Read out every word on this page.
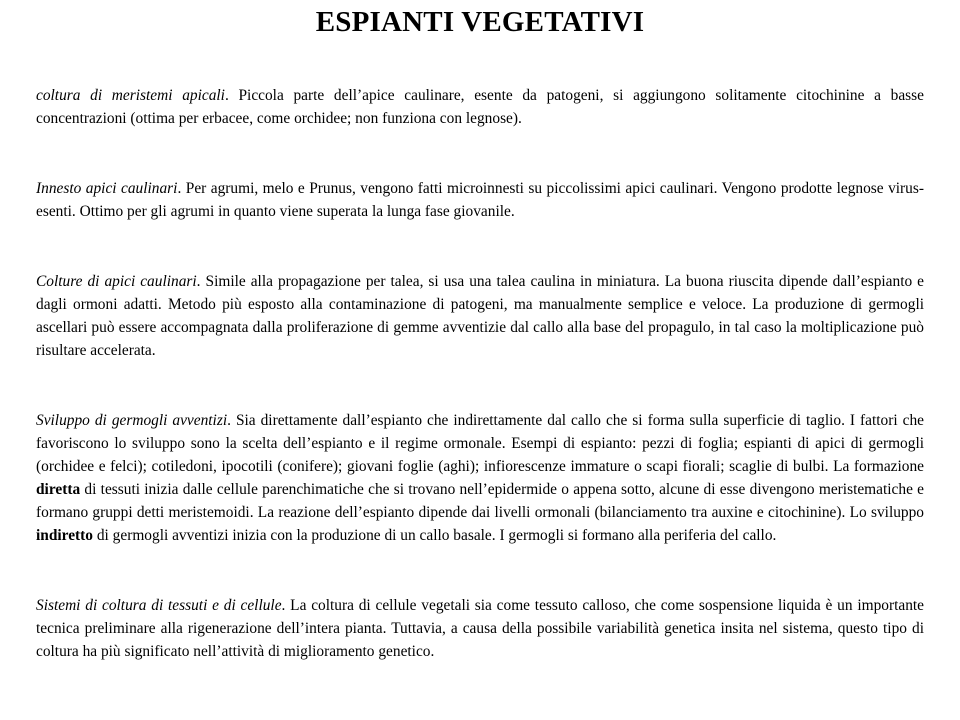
ESPIANTI VEGETATIVI

coltura di meristemi apicali. Piccola parte dell’apice caulinare, esente da patogeni, si aggiungono solitamente citochinine a basse concentrazioni (ottima per erbacee, come orchidee; non funziona con legnose).

Innesto apici caulinari. Per agrumi, melo e Prunus, vengono fatti microinnesti su piccolissimi apici caulinari. Vengono prodotte legnose virus-esenti. Ottimo per gli agrumi in quanto viene superata la lunga fase giovanile.

Colture di apici caulinari. Simile alla propagazione per talea, si usa una talea caulina in miniatura. La buona riuscita dipende dall’espianto e dagli ormoni adatti. Metodo più esposto alla contaminazione di patogeni, ma manualmente semplice e veloce. La produzione di germogli ascellari può essere accompagnata dalla proliferazione di gemme avventizie dal callo alla base del propagulo, in tal caso la moltiplicazione può risultare accelerata.

Sviluppo di germogli avventizi. Sia direttamente dall’espianto che indirettamente dal callo che si forma sulla superficie di taglio. I fattori che favoriscono lo sviluppo sono la scelta dell’espianto e il regime ormonale. Esempi di espianto: pezzi di foglia; espianti di apici di germogli (orchidee e felci); cotiledoni, ipocotili (conifere); giovani foglie (aghi); infiorescenze immature o scapi fiorali; scaglie di bulbi. La formazione diretta di tessuti inizia dalle cellule parenchimatiche che si trovano nell’epidermide o appena sotto, alcune di esse divengono meristematiche e formano gruppi detti meristemoidi. La reazione dell’espianto dipende dai livelli ormonali (bilanciamento tra auxine e citochinine). Lo sviluppo indiretto di germogli avventizi inizia con la produzione di un callo basale. I germogli si formano alla periferia del callo.

Sistemi di coltura di tessuti e di cellule. La coltura di cellule vegetali sia come tessuto calloso, che come sospensione liquida è un importante tecnica preliminare alla rigenerazione dell’intera pianta. Tuttavia, a causa della possibile variabilità genetica insita nel sistema, questo tipo di coltura ha più significato nell’attività di miglioramento genetico.
